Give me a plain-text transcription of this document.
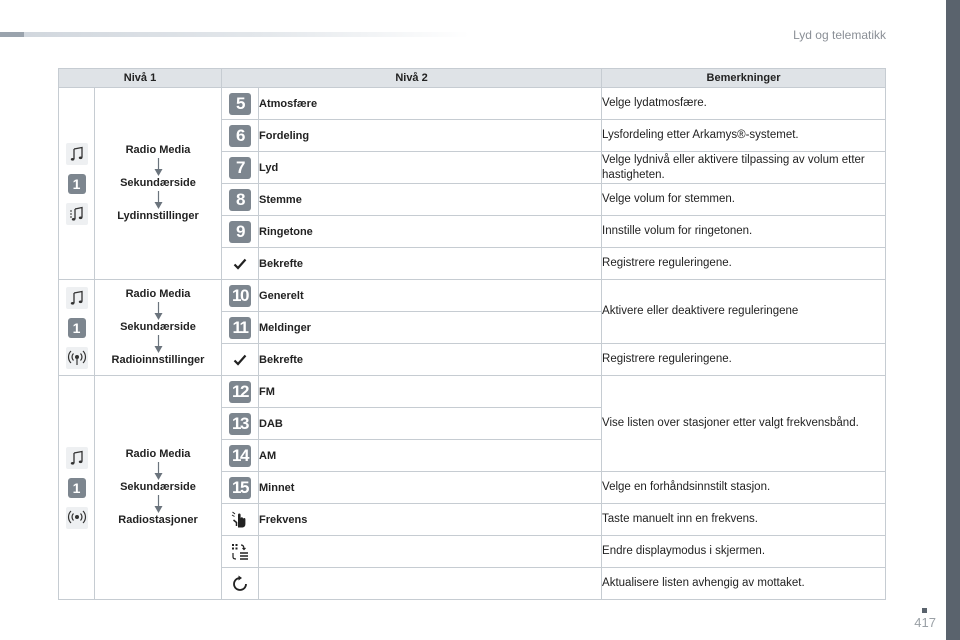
Lyd og telematikk
Nivå 1		Nivå 2		Bemerkninger

1	Radio Media
Sekundærside
Lydinnstillinger	5	Atmosfære	Velge lydatmosfære.
		6	Fordeling	Lysfordeling etter Arkamys®-systemet.
		7	Lyd	Velge lydnivå eller aktivere tilpassing av volum etter hastigheten.
		8	Stemme	Velge volum for stemmen.
		9	Ringetone	Innstille volum for ringetonen.

	Bekrefte	Registrere reguleringene.

1	Radio Media
Sekundærside
Radioinnstillinger	10	Generelt	Aktivere eller deaktivere reguleringene
		11	Meldinger	

	Bekrefte	Registrere reguleringene.

1	Radio Media
Sekundærside
Radiostasjoner	12	FM	Vise listen over stasjoner etter valgt frekvensbånd.
		13	DAB	
		14	AM	
		15	Minnet	Velge en forhåndsinnstilt stasjon.

	Frekvens	Taste manuelt inn en frekvens.

		Endre displaymodus i skjermen.

		Aktualisere listen avhengig av mottaket.
417
